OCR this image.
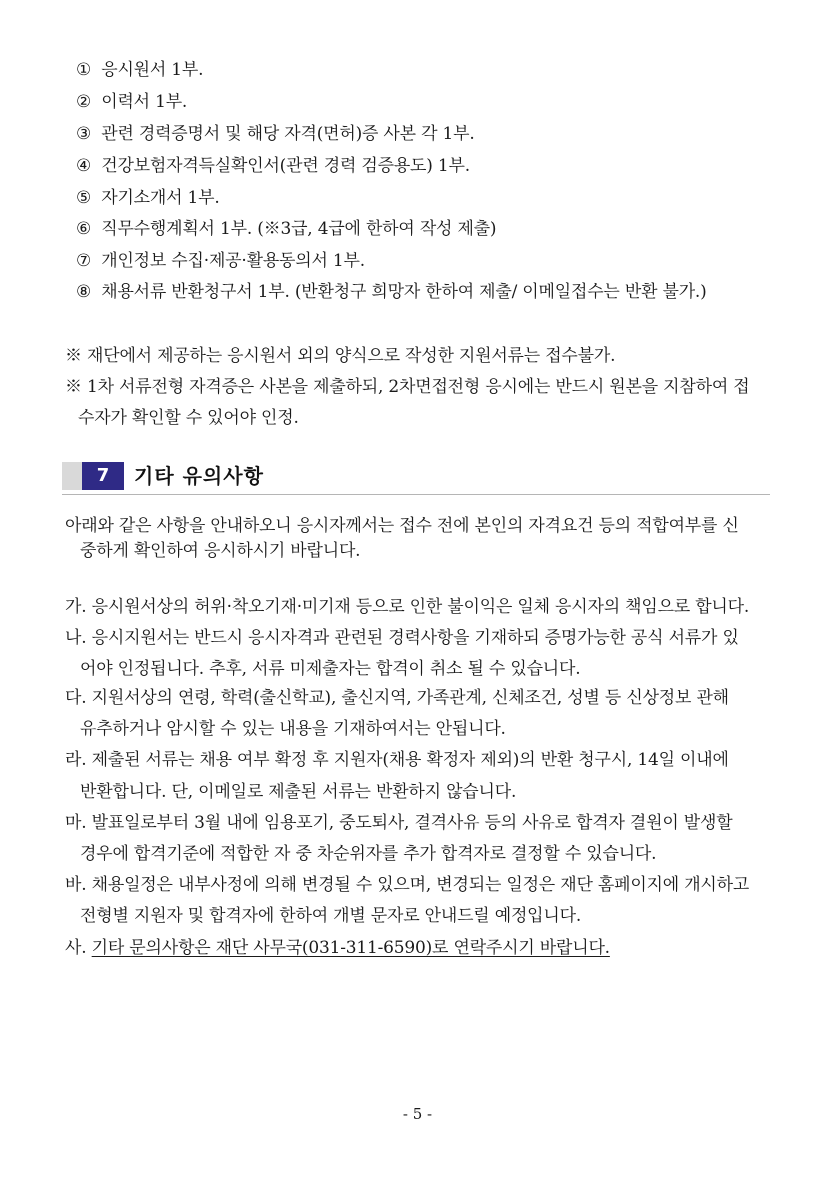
① 응시원서 1부.
② 이력서 1부.
③ 관련 경력증명서 및 해당 자격(면허)증 사본 각 1부.
④ 건강보험자격득실확인서(관련 경력 검증용도) 1부.
⑤ 자기소개서 1부.
⑥ 직무수행계획서 1부. (※3급, 4급에 한하여 작성 제출)
⑦ 개인정보 수집·제공·활용동의서 1부.
⑧ 채용서류 반환청구서 1부. (반환청구 희망자 한하여 제출/ 이메일접수는 반환 불가.)
※ 재단에서 제공하는 응시원서 외의 양식으로 작성한 지원서류는 접수불가.
※ 1차 서류전형 자격증은 사본을 제출하되, 2차면접전형 응시에는 반드시 원본을 지참하여 접
수자가 확인할 수 있어야 인정.
7	기타 유의사항
아래와 같은 사항을 안내하오니 응시자께서는 접수 전에 본인의 자격요건 등의 적합여부를 신
중하게 확인하여 응시하시기 바랍니다.
가. 응시원서상의 허위·착오기재·미기재 등으로 인한 불이익은 일체 응시자의 책임으로 합니다.
나. 응시지원서는 반드시 응시자격과 관련된 경력사항을 기재하되 증명가능한 공식 서류가 있
어야 인정됩니다. 추후, 서류 미제출자는 합격이 취소 될 수 있습니다.
다. 지원서상의 연령, 학력(출신학교), 출신지역, 가족관계, 신체조건, 성별 등 신상정보 관해
유추하거나 암시할 수 있는 내용을 기재하여서는 안됩니다.
라. 제출된 서류는 채용 여부 확정 후 지원자(채용 확정자 제외)의 반환 청구시, 14일 이내에
반환합니다. 단, 이메일로 제출된 서류는 반환하지 않습니다.
마. 발표일로부터 3월 내에 임용포기, 중도퇴사, 결격사유 등의 사유로 합격자 결원이 발생할
경우에 합격기준에 적합한 자 중 차순위자를 추가 합격자로 결정할 수 있습니다.
바. 채용일정은 내부사정에 의해 변경될 수 있으며, 변경되는 일정은 재단 홈페이지에 개시하고
전형별 지원자 및 합격자에 한하여 개별 문자로 안내드릴 예정입니다.
사. 기타 문의사항은 재단 사무국(031-311-6590)로 연락주시기 바랍니다.
- 5 -
